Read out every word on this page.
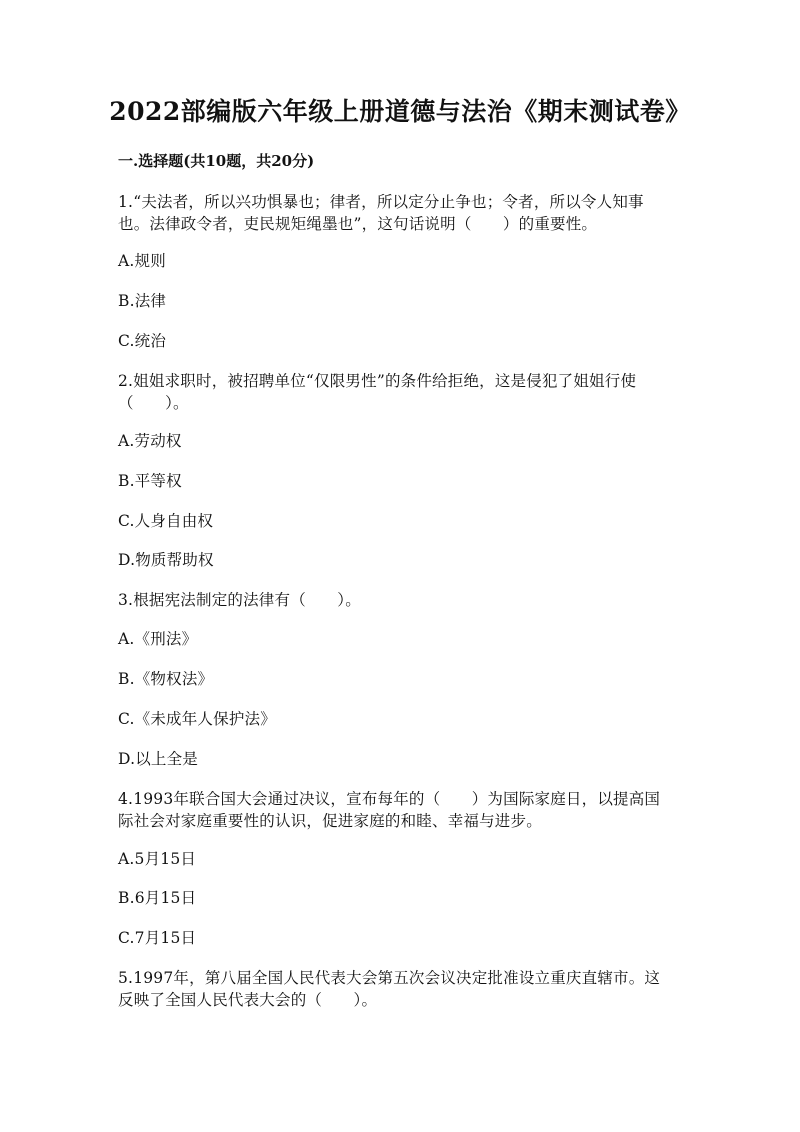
2022部编版六年级上册道德与法治《期末测试卷》
一.选择题(共10题，共20分)
1.“夫法者，所以兴功惧暴也；律者，所以定分止争也；令者，所以令人知事
也。法律政令者，吏民规矩绳墨也”，这句话说明（　　）的重要性。
A.规则
B.法律
C.统治
2.姐姐求职时，被招聘单位“仅限男性”的条件给拒绝，这是侵犯了姐姐行使
（　　）。
A.劳动权
B.平等权
C.人身自由权
D.物质帮助权
3.根据宪法制定的法律有（　　）。
A.《刑法》
B.《物权法》
C.《未成年人保护法》
D.以上全是
4.1993年联合国大会通过决议，宣布每年的（　　）为国际家庭日，以提高国
际社会对家庭重要性的认识，促进家庭的和睦、幸福与进步。
A.5月15日
B.6月15日
C.7月15日
5.1997年，第八届全国人民代表大会第五次会议决定批准设立重庆直辖市。这
反映了全国人民代表大会的（　　）。
